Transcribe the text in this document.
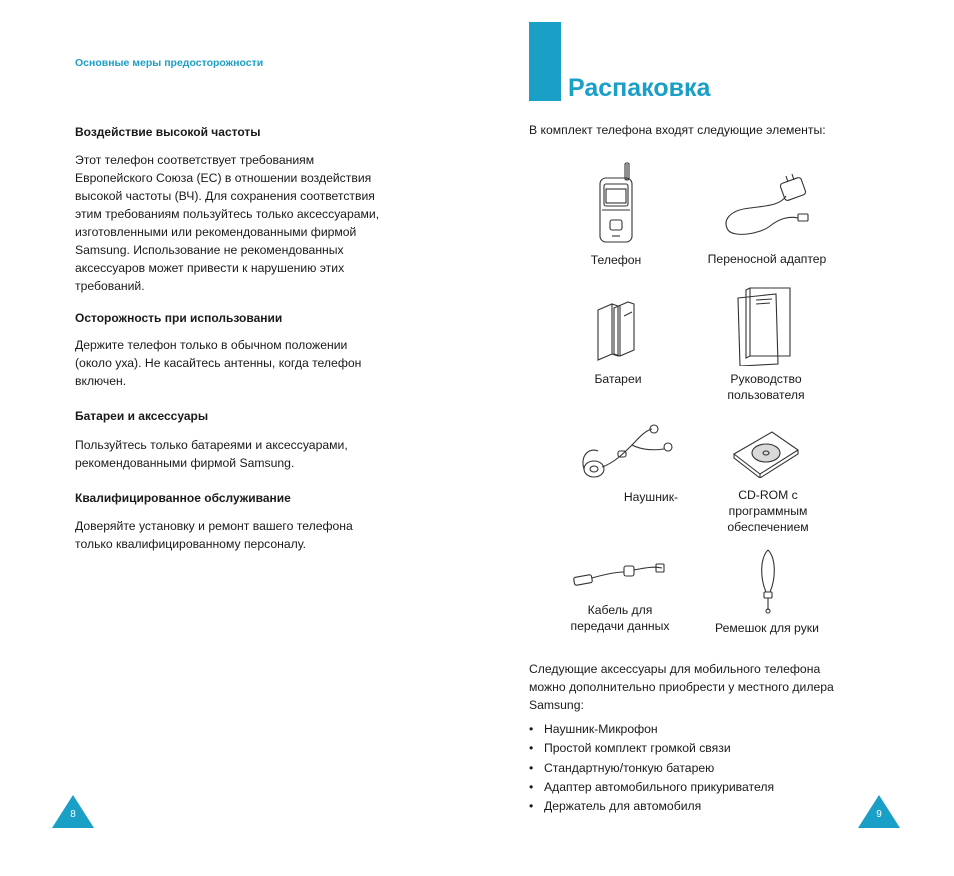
Основные меры предосторожности
Воздействие высокой частоты
Этот телефон соответствует требованиям
Европейского Союза (ЕС) в отношении воздействия
высокой частоты (ВЧ). Для сохранения соответствия
этим требованиям пользуйтесь только аксессуарами,
изготовленными или рекомендованными фирмой
Samsung. Использование не рекомендованных
аксессуаров может привести к нарушению этих
требований.
Осторожность при использовании
Держите телефон только в обычном положении
(около уха). Не касайтесь антенны, когда телефон
включен.
Батареи и аксессуары
Пользуйтесь только батареями и аксессуарами,
рекомендованными фирмой Samsung.
Квалифицированное обслуживание
Доверяйте установку и ремонт вашего телефона
только квалифицированному персоналу.
8
Распаковка
В комплект телефона входят следующие элементы:
Телефон	Переносной адаптер
Батареи	Руководство
пользователя
Наушник-	CD-ROM с
программным
обеспечением
Кабель для
передачи данных	Ремешок для руки
Следующие аксессуары для мобильного телефона
можно дополнительно приобрести у местного дилера
Samsung:
• Наушник-Микрофон
• Простой комплект громкой связи
• Стандартную/тонкую батарею
• Адаптер автомобильного прикуривателя
• Держатель для автомобиля
9
